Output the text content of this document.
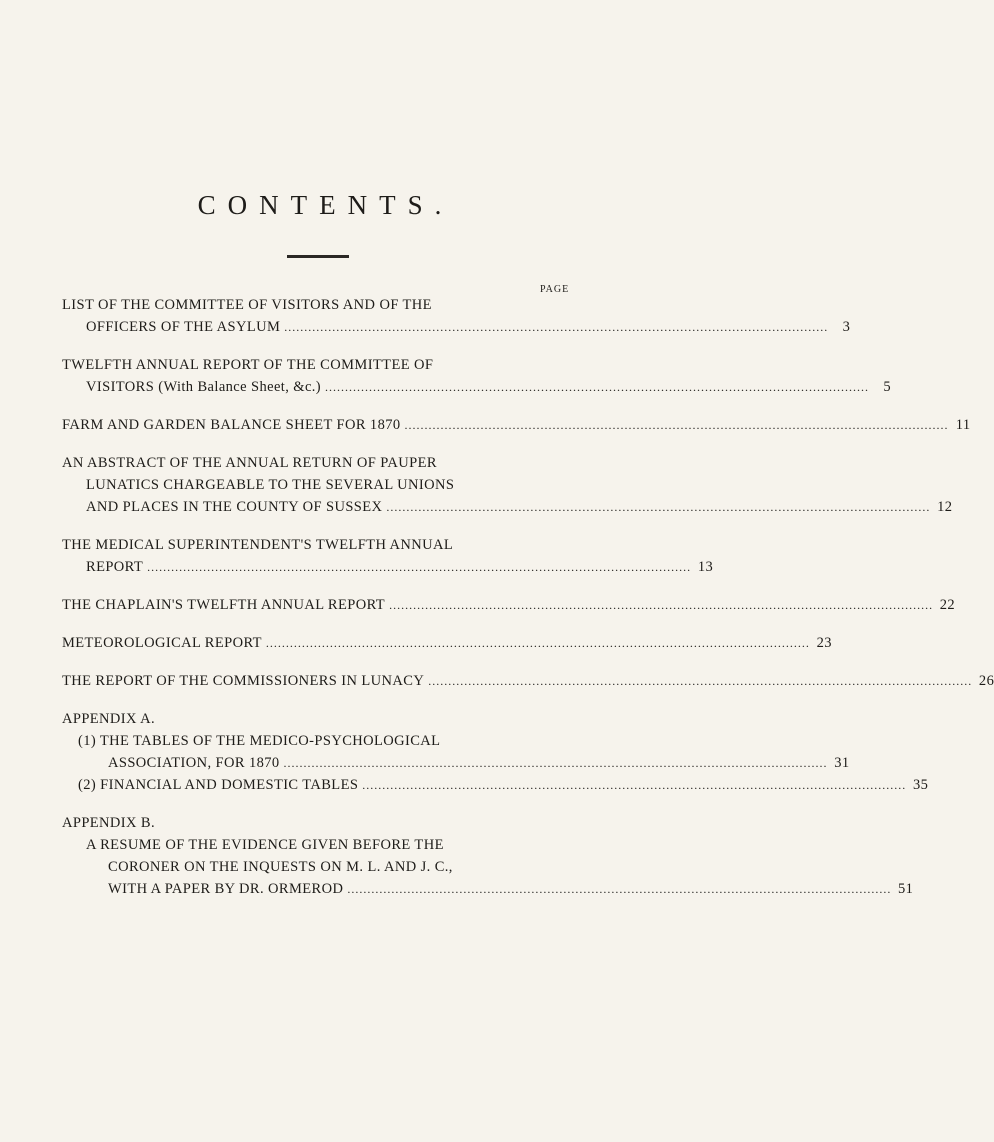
CONTENTS.
PAGE
LIST OF THE COMMITTEE OF VISITORS AND OF THE
OFFICERS OF THE ASYLUM ........................................................................................................................................ 3
TWELFTH ANNUAL REPORT OF THE COMMITTEE OF
VISITORS (With Balance Sheet, &c.) ........................................................................................................................................ 5
FARM AND GARDEN BALANCE SHEET FOR 1870 ........................................................................................................................................ 11
AN ABSTRACT OF THE ANNUAL RETURN OF PAUPER
LUNATICS CHARGEABLE TO THE SEVERAL UNIONS
AND PLACES IN THE COUNTY OF SUSSEX ........................................................................................................................................ 12
THE MEDICAL SUPERINTENDENT'S TWELFTH ANNUAL
REPORT ........................................................................................................................................ 13
THE CHAPLAIN'S TWELFTH ANNUAL REPORT ........................................................................................................................................ 22
METEOROLOGICAL REPORT ........................................................................................................................................ 23
THE REPORT OF THE COMMISSIONERS IN LUNACY ........................................................................................................................................ 26
APPENDIX A.
(1) THE TABLES OF THE MEDICO-PSYCHOLOGICAL
ASSOCIATION, FOR 1870 ........................................................................................................................................ 31
(2) FINANCIAL AND DOMESTIC TABLES ........................................................................................................................................ 35
APPENDIX B.
A RESUME OF THE EVIDENCE GIVEN BEFORE THE
CORONER ON THE INQUESTS ON M. L. AND J. C.,
WITH A PAPER BY DR. ORMEROD ........................................................................................................................................ 51
